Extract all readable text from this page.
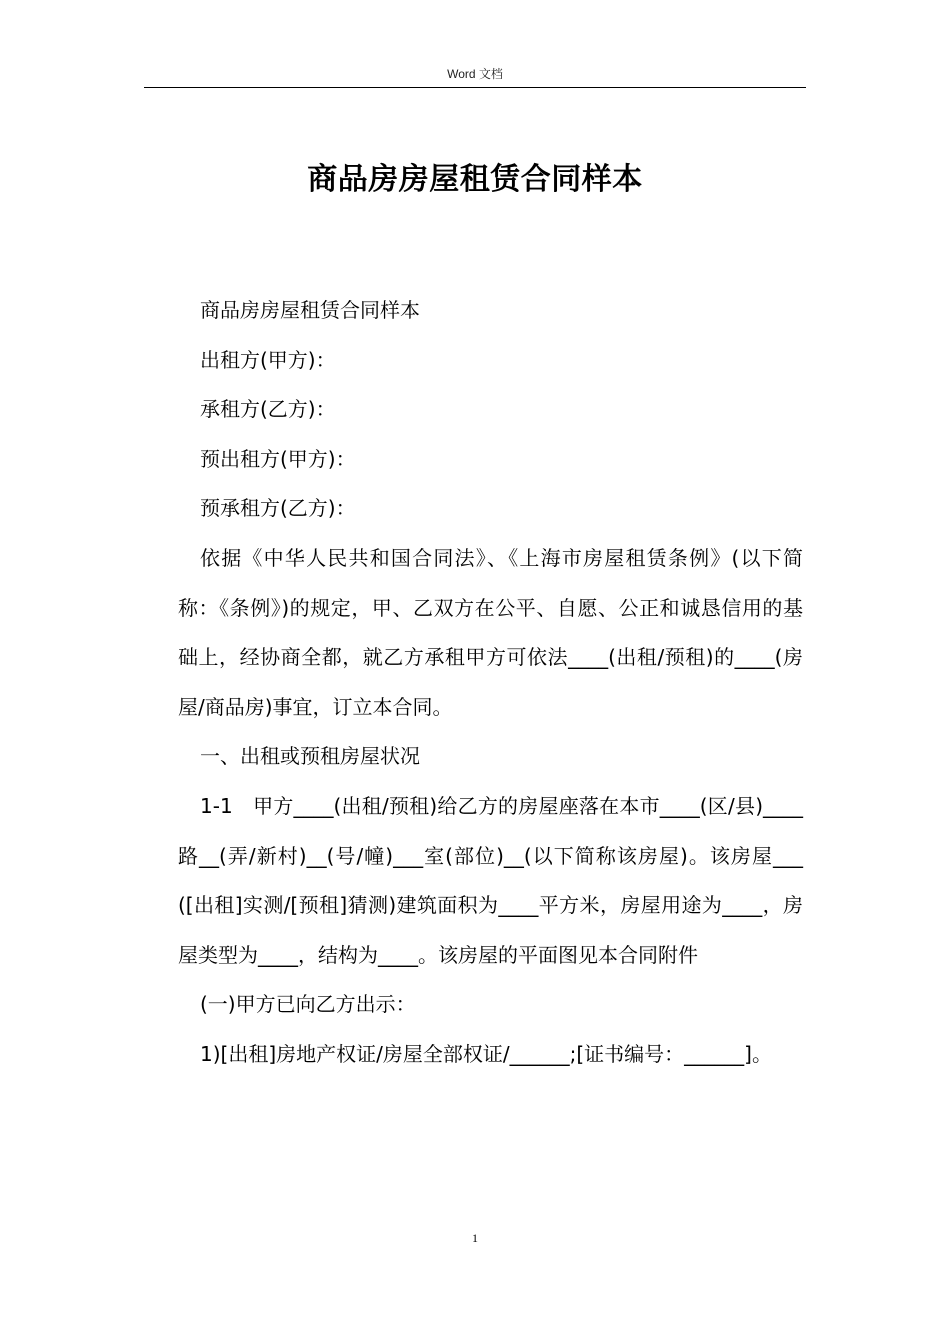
Word 文档
商品房房屋租赁合同样本

商品房房屋租赁合同样本

出租方(甲方)：

承租方(乙方)：

预出租方(甲方)：

预承租方(乙方)：

依据《中华人民共和国合同法》、《上海市房屋租赁条例》(以下简称：《条例》)的规定，甲、乙双方在公平、自愿、公正和诚恳信用的基础上，经协商全都，就乙方承租甲方可依法____(出租/预租)的____(房屋/商品房)事宜，订立本合同。

一、出租或预租房屋状况

1-1　甲方____(出租/预租)给乙方的房屋座落在本市____(区/县)____路__(弄/新村)__(号/幢)___室(部位)__(以下简称该房屋)。该房屋___([出租]实测/[预租]猜测)建筑面积为____平方米，房屋用途为____，房屋类型为____，结构为____。该房屋的平面图见本合同附件

(一)甲方已向乙方出示：

1)[出租]房地产权证/房屋全部权证/______;[证书编号：______]。

1
